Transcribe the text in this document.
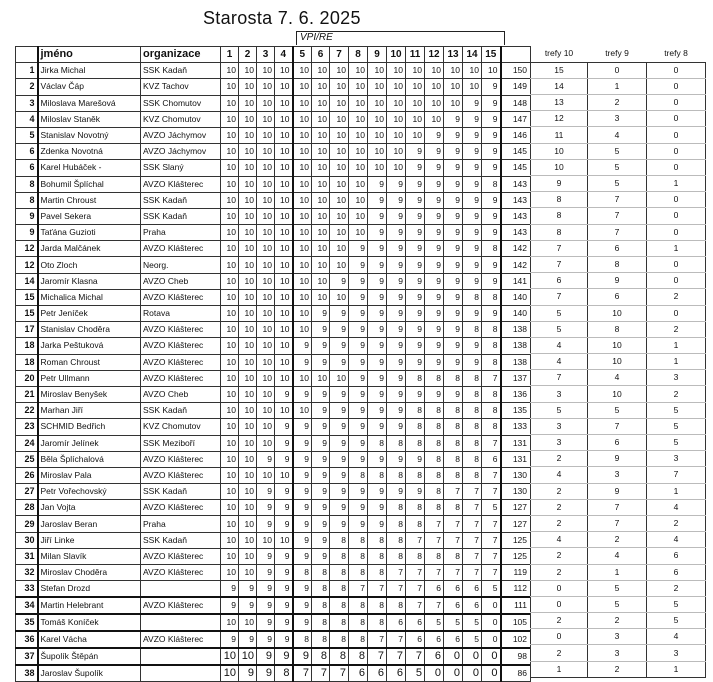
Starosta 7. 6. 2025
VPI/RE
	jméno	organizace	1	2	3	4	5	6	7	8	9	10	11	12	13	14	15	
1	Jirka Michal	SSK Kadaň	10	10	10	10	10	10	10	10	10	10	10	10	10	10	10	150
2	Václav Čáp	KVZ Tachov	10	10	10	10	10	10	10	10	10	10	10	10	10	10	9	149
3	Miloslava Marešová	SSK Chomutov	10	10	10	10	10	10	10	10	10	10	10	10	10	9	9	148
4	Miloslav Staněk	KVZ Chomutov	10	10	10	10	10	10	10	10	10	10	10	10	9	9	9	147
5	Stanislav Novotný	AVZO Jáchymov	10	10	10	10	10	10	10	10	10	10	10	9	9	9	9	146
6	Zdenka Novotná	AVZO Jáchymov	10	10	10	10	10	10	10	10	10	10	9	9	9	9	9	145
6	Karel Hubáček -	SSK Slaný	10	10	10	10	10	10	10	10	10	10	9	9	9	9	9	145
8	Bohumil Šplíchal	AVZO Klášterec	10	10	10	10	10	10	10	10	9	9	9	9	9	9	8	143
8	Martin Chroust	SSK Kadaň	10	10	10	10	10	10	10	10	9	9	9	9	9	9	9	143
9	Pavel Sekera	SSK Kadaň	10	10	10	10	10	10	10	10	9	9	9	9	9	9	9	143
9	Taťána Guzioti	Praha	10	10	10	10	10	10	10	10	9	9	9	9	9	9	9	143
12	Jarda Malčánek	AVZO Klášterec	10	10	10	10	10	10	10	9	9	9	9	9	9	9	8	142
12	Oto Zloch	Neorg.	10	10	10	10	10	10	10	9	9	9	9	9	9	9	9	142
14	Jaromír Klasna	AVZO Cheb	10	10	10	10	10	10	9	9	9	9	9	9	9	9	9	141
15	Michalica Michal	AVZO Klášterec	10	10	10	10	10	10	10	9	9	9	9	9	9	8	8	140
15	Petr Jeníček	Rotava	10	10	10	10	10	9	9	9	9	9	9	9	9	9	9	140
17	Stanislav Choděra	AVZO Klášterec	10	10	10	10	10	9	9	9	9	9	9	9	9	8	8	138
18	Jarka Peštuková	AVZO Klášterec	10	10	10	10	9	9	9	9	9	9	9	9	9	9	8	138
18	Roman Chroust	AVZO Klášterec	10	10	10	10	9	9	9	9	9	9	9	9	9	9	8	138
20	Petr Ullmann	AVZO Klášterec	10	10	10	10	10	10	10	9	9	9	8	8	8	8	7	137
21	Miroslav Benyšek	AVZO Cheb	10	10	10	9	9	9	9	9	9	9	9	9	9	8	8	136
22	Marhan Jiří	SSK Kadaň	10	10	10	10	10	9	9	9	9	9	8	8	8	8	8	135
23	SCHMID Bedřich	KVZ Chomutov	10	10	10	9	9	9	9	9	9	9	8	8	8	8	8	133
24	Jaromír Jelínek	SSK Meziboří	10	10	10	9	9	9	9	9	8	8	8	8	8	8	7	131
25	Běla Šplíchalová	AVZO Klášterec	10	10	9	9	9	9	9	9	9	9	9	8	8	8	6	131
26	Miroslav Pala	AVZO Klášterec	10	10	10	10	9	9	9	8	8	8	8	8	8	8	7	130
27	Petr Vořechovský	SSK Kadaň	10	10	9	9	9	9	9	9	9	9	9	8	7	7	7	130
28	Jan Vojta	AVZO Klášterec	10	10	9	9	9	9	9	9	9	8	8	8	8	7	5	127
29	Jaroslav Beran	Praha	10	10	9	9	9	9	9	9	9	8	8	7	7	7	7	127
30	Jiří Linke	SSK Kadaň	10	10	10	10	9	9	8	8	8	8	7	7	7	7	7	125
31	Milan Slavík	AVZO Klášterec	10	10	9	9	9	9	8	8	8	8	8	8	8	7	7	125
32	Miroslav Choděra	AVZO Klášterec	10	10	9	9	8	8	8	8	8	7	7	7	7	7	7	119
33	Stefan Drozd		9	9	9	9	9	8	8	7	7	7	7	6	6	6	5	112
34	Martin Helebrant	AVZO Klášterec	9	9	9	9	9	8	8	8	8	8	7	7	6	6	0	111
35	Tomáš Koníček		10	10	9	9	9	8	8	8	8	6	6	5	5	5	0	105
36	Karel Vácha	AVZO Klášterec	9	9	9	9	8	8	8	8	7	7	6	6	6	5	0	102
37	Šupolík Štěpán		10	10	9	9	9	8	8	8	7	7	7	6	0	0	0	98
38	Jaroslav Šupolík		10	9	9	8	7	7	7	6	6	6	5	0	0	0	0	86
trefy 10	trefy 9	trefy 8
15	0	0
14	1	0
13	2	0
12	3	0
11	4	0
10	5	0
10	5	0
9	5	1
8	7	0
8	7	0
8	7	0
7	6	1
7	8	0
6	9	0
7	6	2
5	10	0
5	8	2
4	10	1
4	10	1
7	4	3
3	10	2
5	5	5
3	7	5
3	6	5
2	9	3
4	3	7
2	9	1
2	7	4
2	7	2
4	2	4
2	4	6
2	1	6
0	5	2
0	5	5
2	2	5
0	3	4
2	3	3
1	2	1
